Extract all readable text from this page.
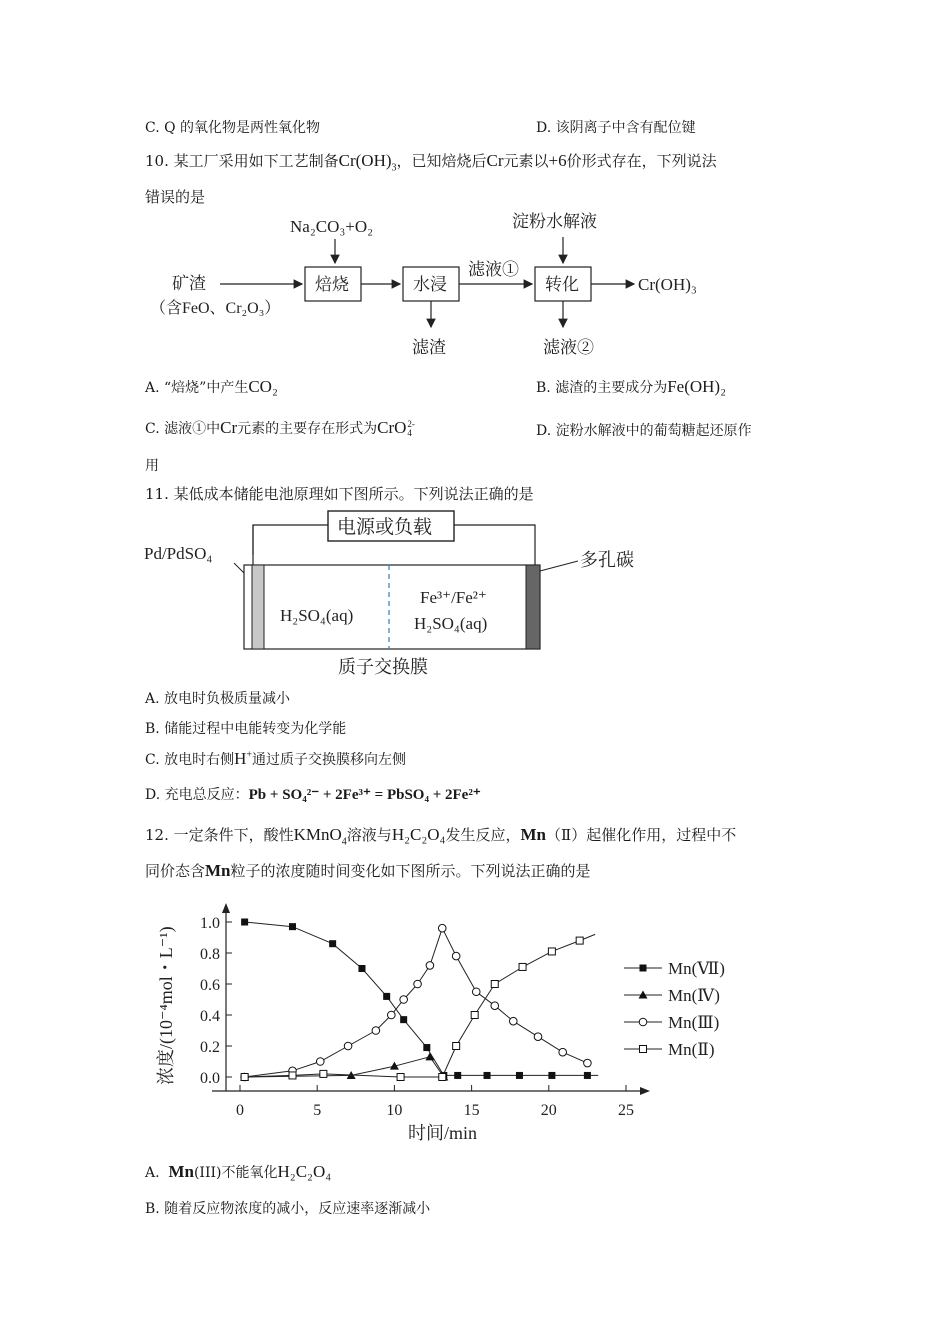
C. Q 的氧化物是两性氧化物	D. 该阴离子中含有配位键
10. 某工厂采用如下工艺制备$Cr(OH)_3$，已知焙烧后Cr元素以+6价形式存在，下列说法
错误的是
Na₂CO₃+O₂
矿渣
（含FeO、Cr₂O₃）
焙烧	水浸
滤渣
滤液①
淀粉水解液
转化
滤液②
Cr(OH)₃
A. “焙烧”中产生CO₂	B. 滤渣的主要成分为Fe(OH)₂
C. 滤液①中Cr元素的主要存在形式为CrO2-
4	D. 淀粉水解液中的葡萄糖起还原作
用
11. 某低成本储能电池原理如下图所示。下列说法正确的是
电源或负载
Pd/PdSO₄	多孔碳
H₂SO₄(aq)
Fe³⁺/Fe²⁺
H₂SO₄(aq)
质子交换膜
A. 放电时负极质量减小
B. 储能过程中电能转变为化学能
C. 放电时右侧H+通过质子交换膜移向左侧
D. 充电总反应：Pb + SO₄²⁻ + 2Fe³⁺ = PbSO₄ + 2Fe²⁺
12. 一定条件下，酸性KMnO$_4$溶液与H₂C₂O₄发生反应，Mn（Ⅱ）起催化作用，过程中不
同价态含Mn粒子的浓度随时间变化如下图所示。下列说法正确的是
0	5	10	15	20	25
0.0
0.2
0.4
0.6
0.8
1.0
Mn(Ⅶ)
Mn(Ⅳ)
Mn(Ⅲ)
Mn(Ⅱ)
时间/min
浓度/(10⁻⁴mol・L⁻¹)
A.  Mn(III)不能氧化H₂C₂O₄
B. 随着反应物浓度的减小，反应速率逐渐减小
